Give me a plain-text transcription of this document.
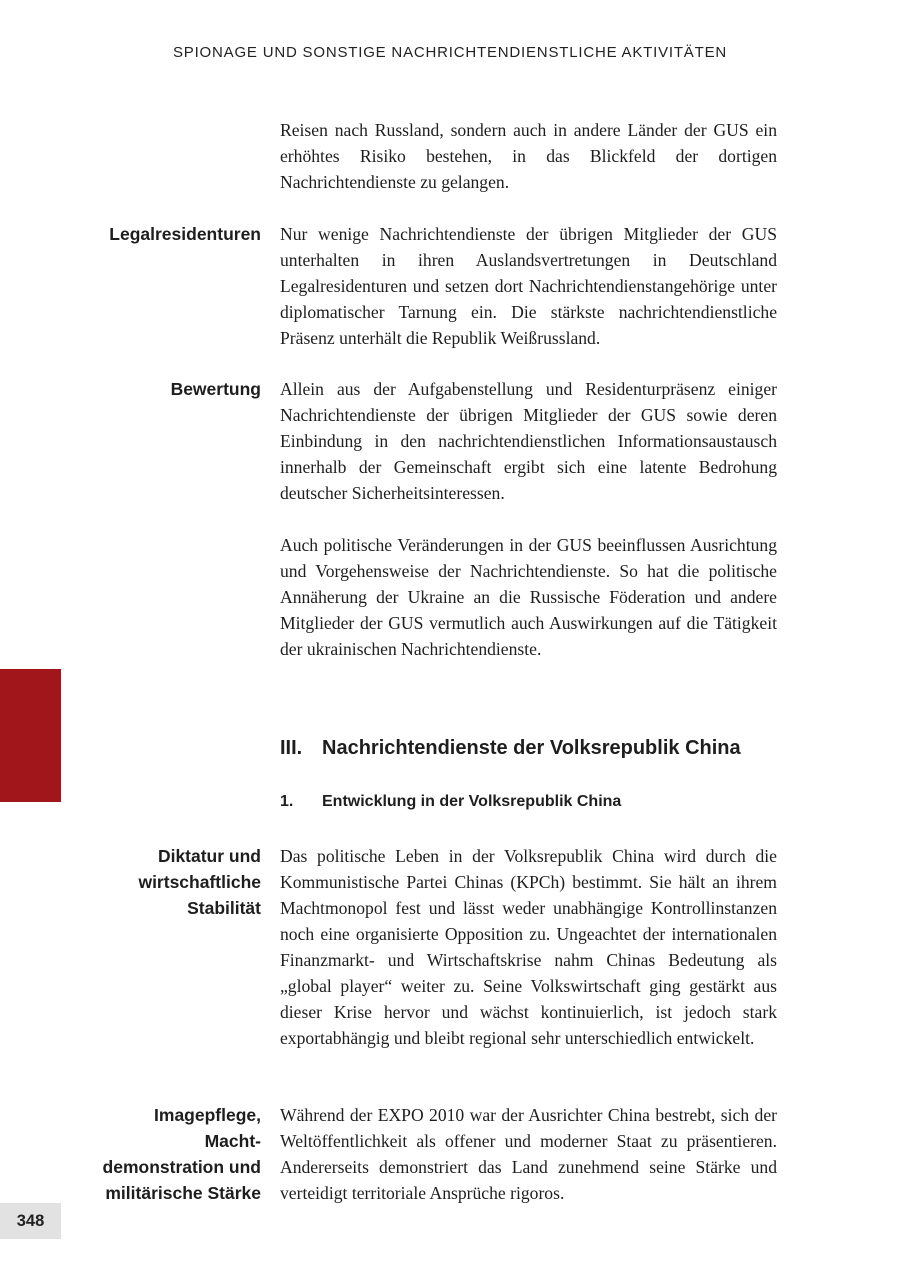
SPIONAGE UND SONSTIGE NACHRICHTENDIENSTLICHE AKTIVITÄTEN

Reisen nach Russland, sondern auch in andere Länder der GUS ein erhöhtes Risiko bestehen, in das Blickfeld der dortigen Nachrichtendienste zu gelangen.

Legalresidenturen Nur wenige Nachrichtendienste der übrigen Mitglieder der GUS unterhalten in ihren Auslandsvertretungen in Deutschland Legalresidenturen und setzen dort Nachrichtendienstangehörige unter diplomatischer Tarnung ein. Die stärkste nachrichtendienstliche Präsenz unterhält die Republik Weißrussland.

Bewertung Allein aus der Aufgabenstellung und Residenturpräsenz einiger Nachrichtendienste der übrigen Mitglieder der GUS sowie deren Einbindung in den nachrichtendienstlichen Informationsaustausch innerhalb der Gemeinschaft ergibt sich eine latente Bedrohung deutscher Sicherheitsinteressen.

Auch politische Veränderungen in der GUS beeinflussen Ausrichtung und Vorgehensweise der Nachrichtendienste. So hat die politische Annäherung der Ukraine an die Russische Föderation und andere Mitglieder der GUS vermutlich auch Auswirkungen auf die Tätigkeit der ukrainischen Nachrichtendienste.

III. Nachrichtendienste der Volksrepublik China
1. Entwicklung in der Volksrepublik China
Diktatur und
wirtschaftliche
Stabilität

Das politische Leben in der Volksrepublik China wird durch die Kommunistische Partei Chinas (KPCh) bestimmt. Sie hält an ihrem Machtmonopol fest und lässt weder unabhängige Kontrollinstanzen noch eine organisierte Opposition zu. Ungeachtet der internationalen Finanzmarkt- und Wirtschaftskrise nahm Chinas Bedeutung als „global player“ weiter zu. Seine Volkswirtschaft ging gestärkt aus dieser Krise hervor und wächst kontinuierlich, ist jedoch stark exportabhängig und bleibt regional sehr unterschiedlich entwickelt.

Imagepflege,
Macht-
demonstration und
militärische Stärke

Während der EXPO 2010 war der Ausrichter China bestrebt, sich der Weltöffentlichkeit als offener und moderner Staat zu präsentieren. Andererseits demonstriert das Land zunehmend seine Stärke und verteidigt territoriale Ansprüche rigoros.

348
